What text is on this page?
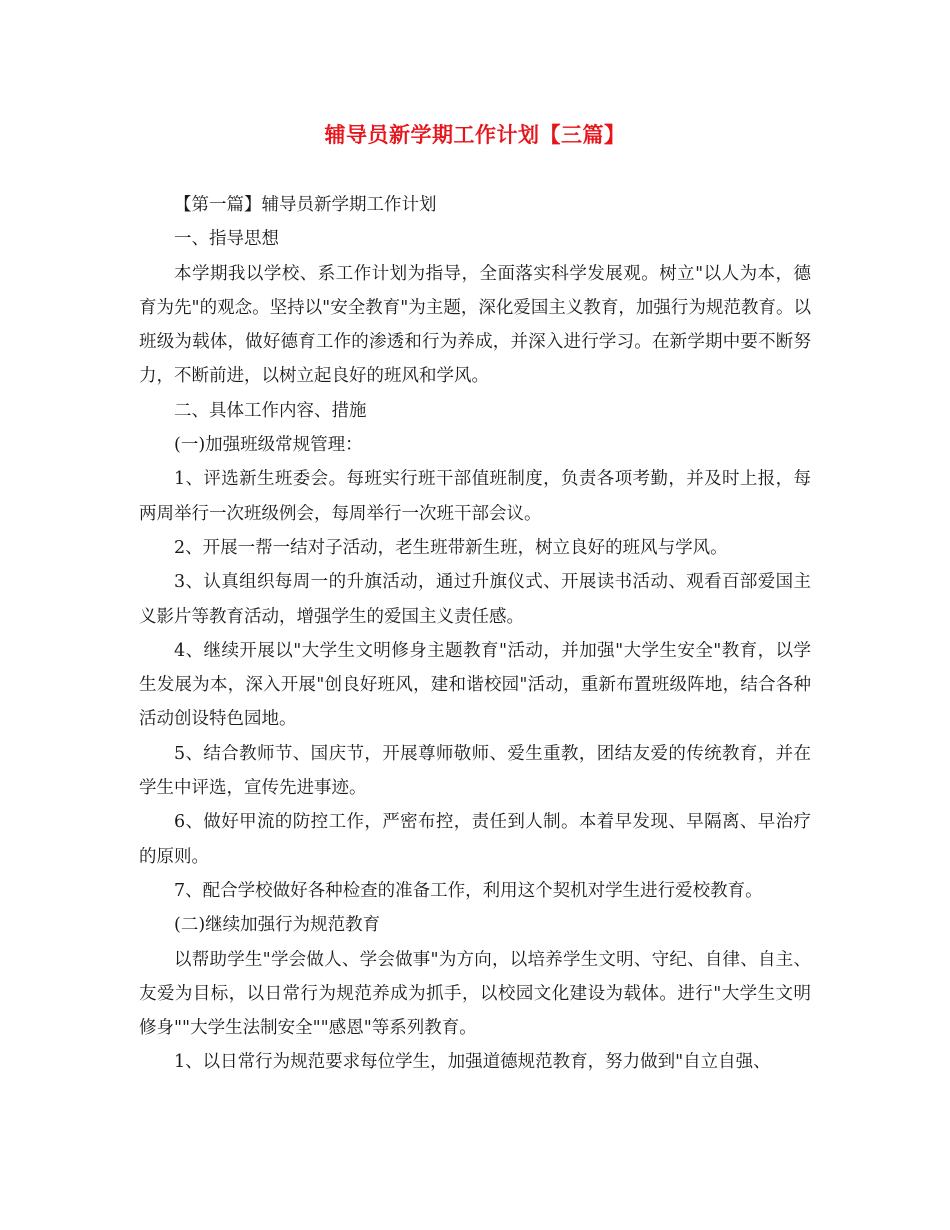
辅导员新学期工作计划【三篇】

【第一篇】辅导员新学期工作计划

一、指导思想

本学期我以学校、系工作计划为指导，全面落实科学发展观。树立"以人为本，德育为先"的观念。坚持以"安全教育"为主题，深化爱国主义教育，加强行为规范教育。以班级为载体，做好德育工作的渗透和行为养成，并深入进行学习。在新学期中要不断努力，不断前进，以树立起良好的班风和学风。

二、具体工作内容、措施

(一)加强班级常规管理：

1、评选新生班委会。每班实行班干部值班制度，负责各项考勤，并及时上报，每两周举行一次班级例会，每周举行一次班干部会议。

2、开展一帮一结对子活动，老生班带新生班，树立良好的班风与学风。

3、认真组织每周一的升旗活动，通过升旗仪式、开展读书活动、观看百部爱国主义影片等教育活动，增强学生的爱国主义责任感。

4、继续开展以"大学生文明修身主题教育"活动，并加强"大学生安全"教育，以学生发展为本，深入开展"创良好班风，建和谐校园"活动，重新布置班级阵地，结合各种活动创设特色园地。

5、结合教师节、国庆节，开展尊师敬师、爱生重教，团结友爱的传统教育，并在学生中评选，宣传先进事迹。

6、做好甲流的防控工作，严密布控，责任到人制。本着早发现、早隔离、早治疗的原则。

7、配合学校做好各种检查的准备工作，利用这个契机对学生进行爱校教育。

(二)继续加强行为规范教育

以帮助学生"学会做人、学会做事"为方向，以培养学生文明、守纪、自律、自主、友爱为目标，以日常行为规范养成为抓手，以校园文化建设为载体。进行"大学生文明修身""大学生法制安全""感恩"等系列教育。

1、以日常行为规范要求每位学生，加强道德规范教育，努力做到"自立自强、
